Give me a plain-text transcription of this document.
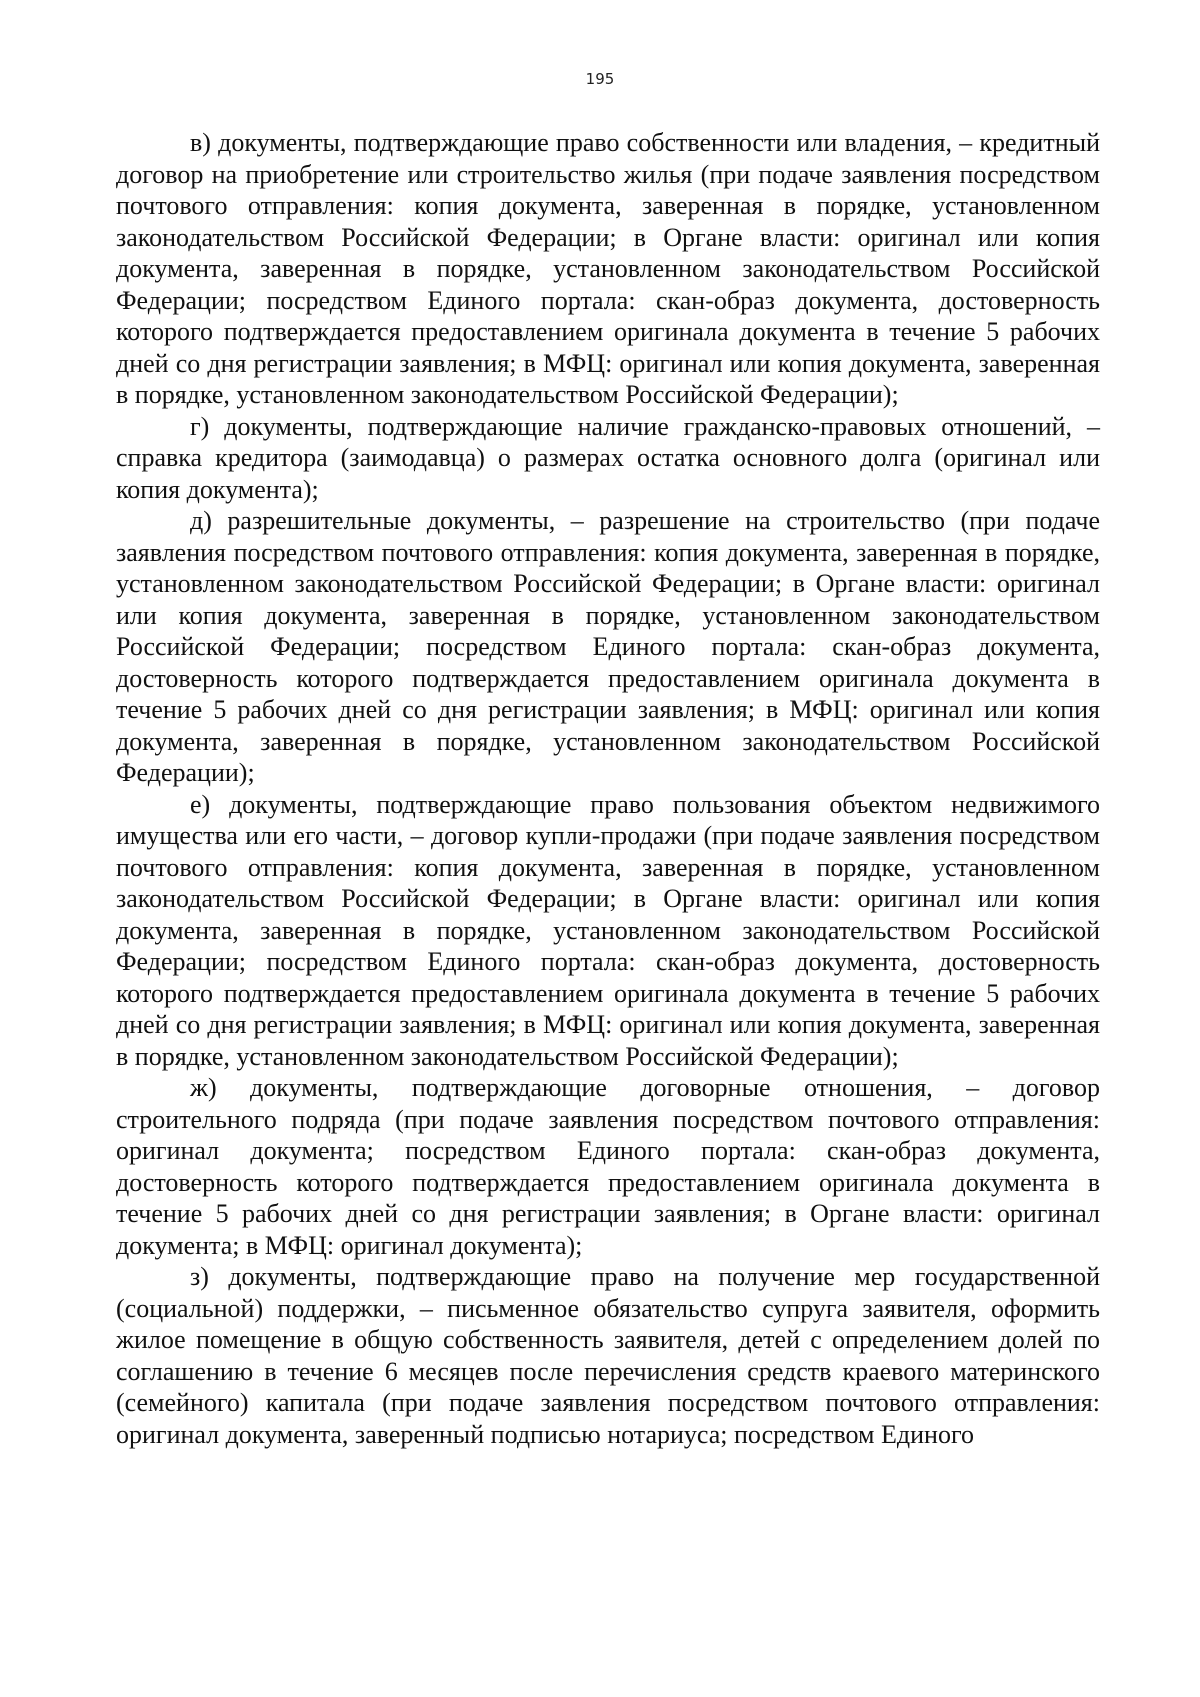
195

в) документы, подтверждающие право собственности или владения, – кредитный договор на приобретение или строительство жилья (при подаче заявления посредством почтового отправления: копия документа, заверенная в порядке, установленном законодательством Российской Федерации; в Органе власти: оригинал или копия документа, заверенная в порядке, установленном законодательством Российской Федерации; посредством Единого портала: скан-образ документа, достоверность которого подтверждается предоставлением оригинала документа в течение 5 рабочих дней со дня регистрации заявления; в МФЦ: оригинал или копия документа, заверенная в порядке, установленном законодательством Российской Федерации);

г) документы, подтверждающие наличие гражданско-правовых отношений, – справка кредитора (заимодавца) о размерах остатка основного долга (оригинал или копия документа);

д) разрешительные документы, – разрешение на строительство (при подаче заявления посредством почтового отправления: копия документа, заверенная в порядке, установленном законодательством Российской Федерации; в Органе власти: оригинал или копия документа, заверенная в порядке, установленном законодательством Российской Федерации; посредством Единого портала: скан-образ документа, достоверность которого подтверждается предоставлением оригинала документа в течение 5 рабочих дней со дня регистрации заявления; в МФЦ: оригинал или копия документа, заверенная в порядке, установленном законодательством Российской Федерации);

е) документы, подтверждающие право пользования объектом недвижимого имущества или его части, – договор купли-продажи (при подаче заявления посредством почтового отправления: копия документа, заверенная в порядке, установленном законодательством Российской Федерации; в Органе власти: оригинал или копия документа, заверенная в порядке, установленном законодательством Российской Федерации; посредством Единого портала: скан-образ документа, достоверность которого подтверждается предоставлением оригинала документа в течение 5 рабочих дней со дня регистрации заявления; в МФЦ: оригинал или копия документа, заверенная в порядке, установленном законодательством Российской Федерации);

ж) документы, подтверждающие договорные отношения, – договор строительного подряда (при подаче заявления посредством почтового отправления: оригинал документа; посредством Единого портала: скан-образ документа, достоверность которого подтверждается предоставлением оригинала документа в течение 5 рабочих дней со дня регистрации заявления; в Органе власти: оригинал документа; в МФЦ: оригинал документа);

з) документы, подтверждающие право на получение мер государственной (социальной) поддержки, – письменное обязательство супруга заявителя, оформить жилое помещение в общую собственность заявителя, детей с определением долей по соглашению в течение 6 месяцев после перечисления средств краевого материнского (семейного) капитала (при подаче заявления посредством почтового отправления: оригинал документа, заверенный подписью нотариуса; посредством Единого
